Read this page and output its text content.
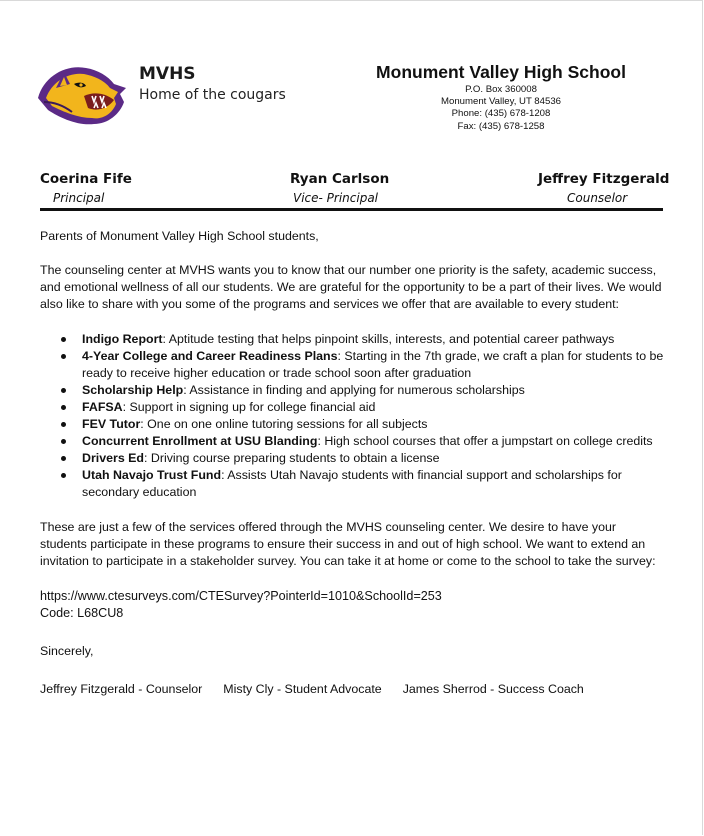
MVHS
Home of the cougars
Monument Valley High School
P.O. Box 360008
Monument Valley, UT 84536
Phone: (435) 678-1208
Fax: (435) 678-1258
Coerina Fife
Principal
Ryan Carlson
Vice- Principal
Jeffrey Fitzgerald
Counselor

Parents of Monument Valley High School students,

The counseling center at MVHS wants you to know that our number one priority is the safety, academic success, and emotional wellness of all our students. We are grateful for the opportunity to be a part of their lives. We would also like to share with you some of the programs and services we offer that are available to every student:

Indigo Report: Aptitude testing that helps pinpoint skills, interests, and potential career pathways
4-Year College and Career Readiness Plans: Starting in the 7th grade, we craft a plan for students to be ready to receive higher education or trade school soon after graduation
Scholarship Help: Assistance in finding and applying for numerous scholarships
FAFSA: Support in signing up for college financial aid
FEV Tutor: One on one online tutoring sessions for all subjects
Concurrent Enrollment at USU Blanding: High school courses that offer a jumpstart on college credits
Drivers Ed: Driving course preparing students to obtain a license
Utah Navajo Trust Fund: Assists Utah Navajo students with financial support and scholarships for secondary education

These are just a few of the services offered through the MVHS counseling center. We desire to have your students participate in these programs to ensure their success in and out of high school. We want to extend an invitation to participate in a stakeholder survey. You can take it at home or come to the school to take the survey:

https://www.ctesurveys.com/CTESurvey?PointerId=1010&SchoolId=253

Code: L68CU8

Sincerely,

Jeffrey Fitzgerald - Counselor Misty Cly - Student Advocate James Sherrod - Success Coach
